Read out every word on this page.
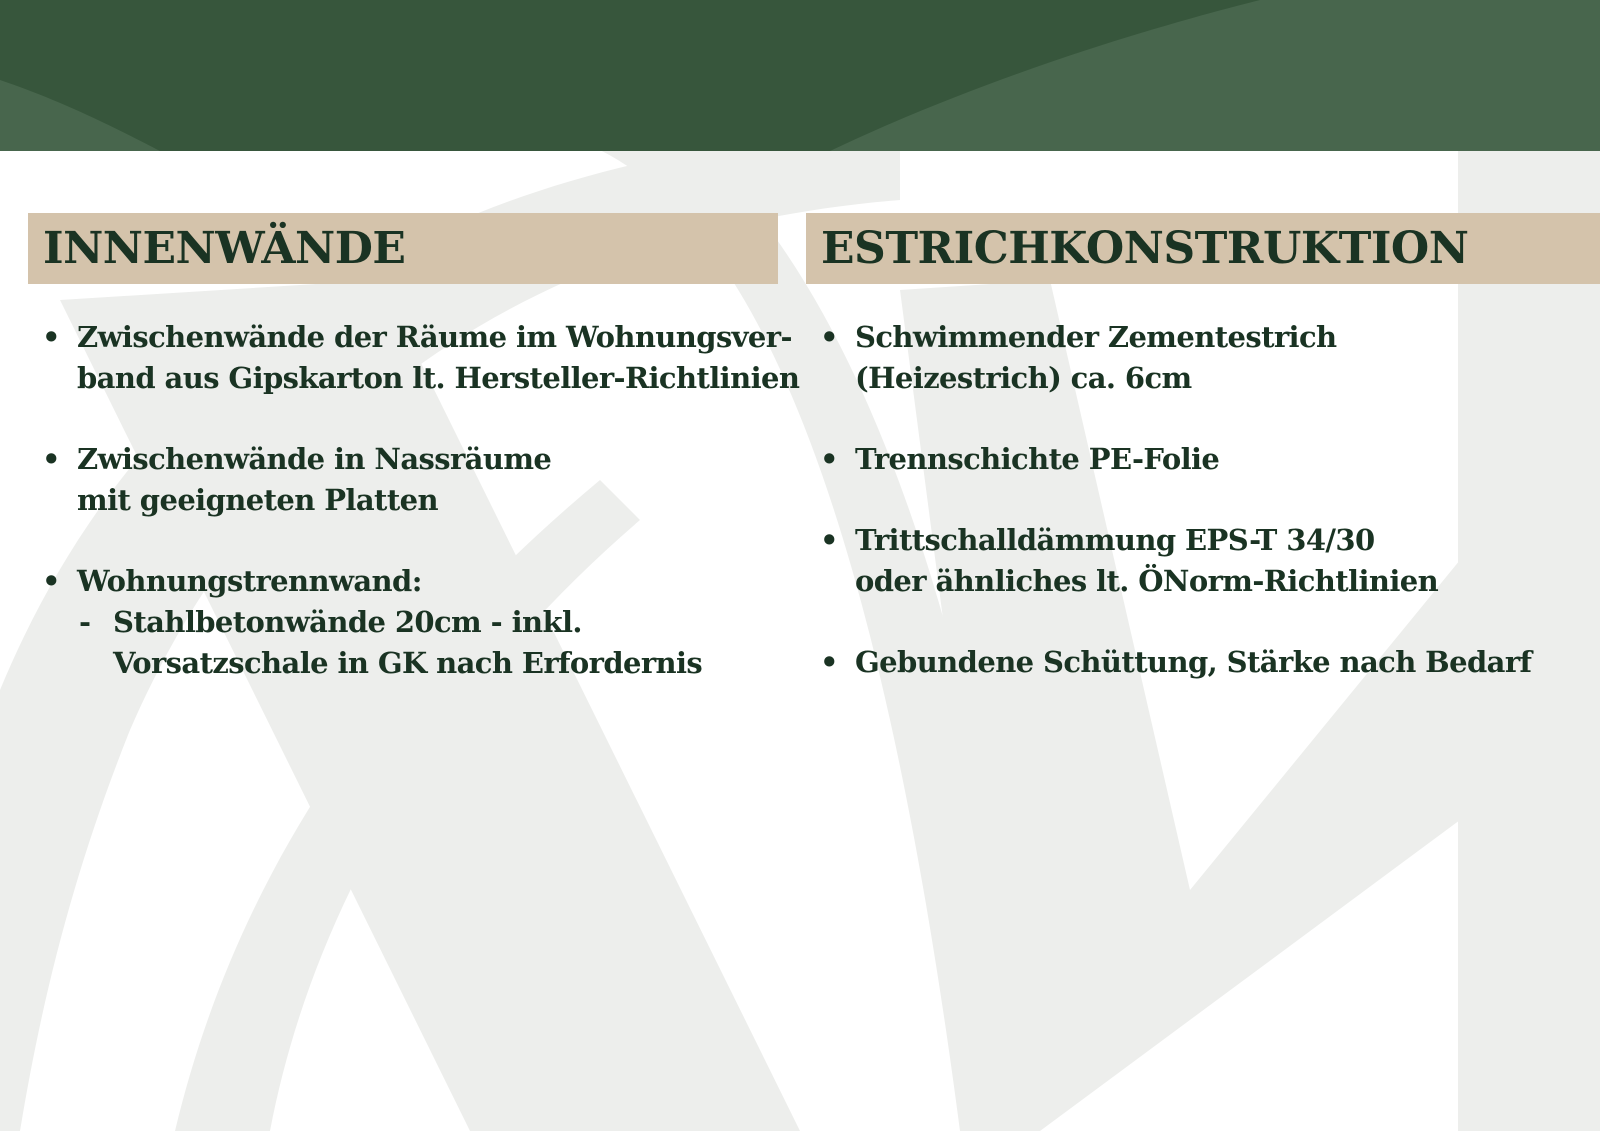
INNENWÄNDE
• Zwischenwände der Räume im Wohnungsver-
band aus Gipskarton lt. Hersteller-Richtlinien
• Zwischenwände in Nassräume
mit geeigneten Platten
• Wohnungstrennwand:
- Stahlbetonwände 20cm - inkl.
Vorsatzschale in GK nach Erfordernis
ESTRICHKONSTRUKTION
• Schwimmender Zementestrich
(Heizestrich) ca. 6cm
• Trennschichte PE-Folie
• Trittschalldämmung EPS-T 34/30
oder ähnliches lt. ÖNorm-Richtlinien
• Gebundene Schüttung, Stärke nach Bedarf
